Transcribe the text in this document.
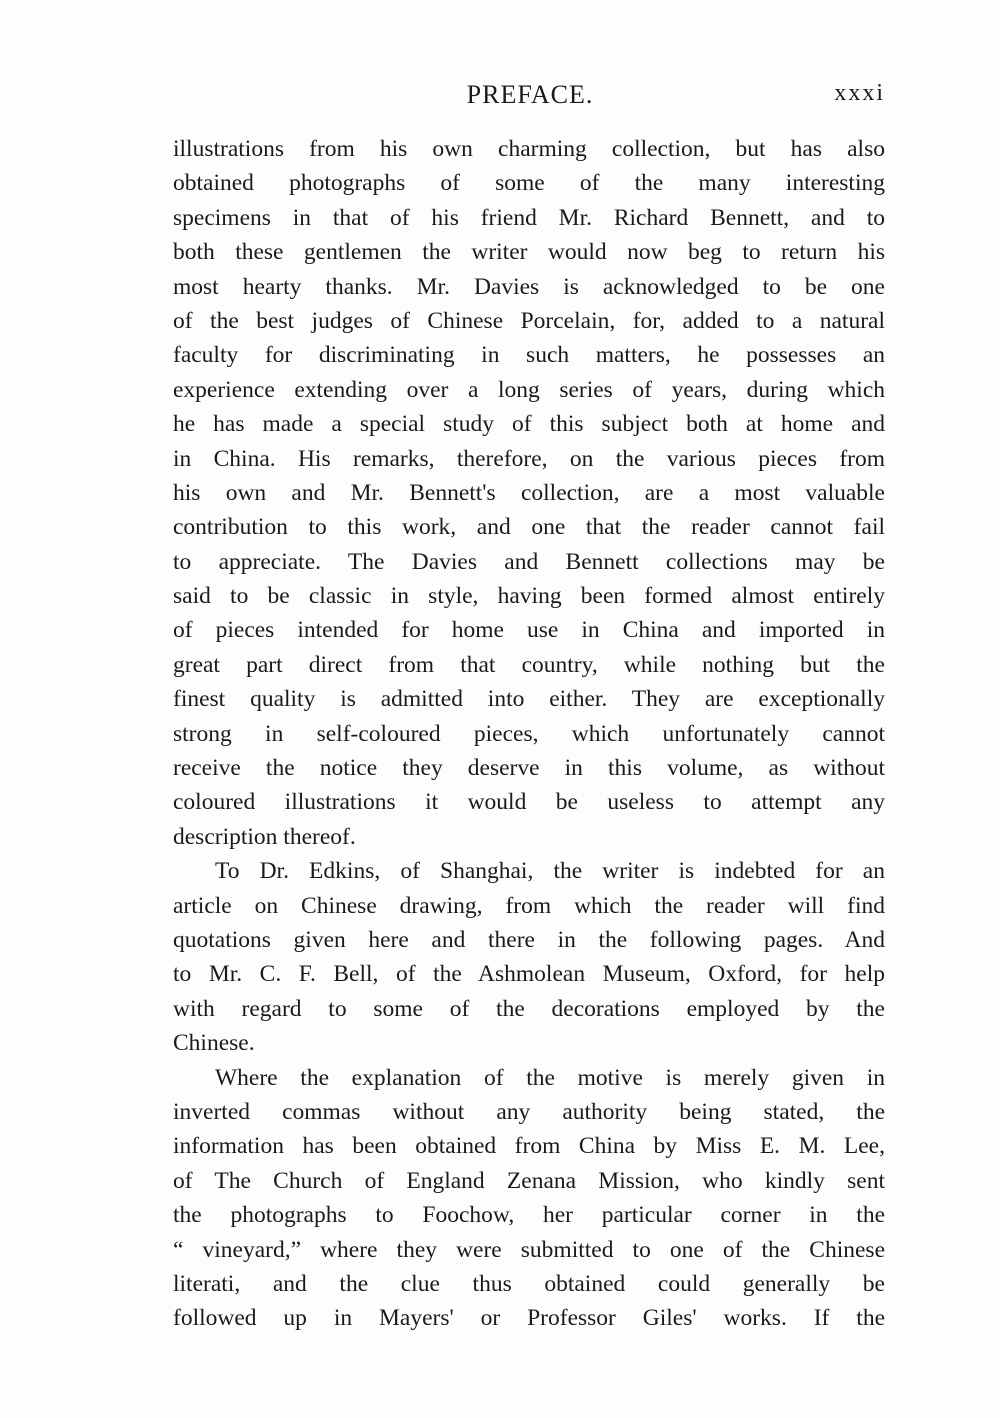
PREFACE.	xxxi
illustrations from his own charming collection, but has also
obtained photographs of some of the many interesting
specimens in that of his friend Mr. Richard Bennett, and to
both these gentlemen the writer would now beg to return his
most hearty thanks. Mr. Davies is acknowledged to be one
of the best judges of Chinese Porcelain, for, added to a natural
faculty for discriminating in such matters, he possesses an
experience extending over a long series of years, during which
he has made a special study of this subject both at home and
in China. His remarks, therefore, on the various pieces from
his own and Mr. Bennett's collection, are a most valuable
contribution to this work, and one that the reader cannot fail
to appreciate. The Davies and Bennett collections may be
said to be classic in style, having been formed almost entirely
of pieces intended for home use in China and imported in
great part direct from that country, while nothing but the
finest quality is admitted into either. They are exceptionally
strong in self-coloured pieces, which unfortunately cannot
receive the notice they deserve in this volume, as without
coloured illustrations it would be useless to attempt any
description thereof.
To Dr. Edkins, of Shanghai, the writer is indebted for an
article on Chinese drawing, from which the reader will find
quotations given here and there in the following pages. And
to Mr. C. F. Bell, of the Ashmolean Museum, Oxford, for help
with regard to some of the decorations employed by the
Chinese.
Where the explanation of the motive is merely given in
inverted commas without any authority being stated, the
information has been obtained from China by Miss E. M. Lee,
of The Church of England Zenana Mission, who kindly sent
the photographs to Foochow, her particular corner in the
“ vineyard,” where they were submitted to one of the Chinese
literati, and the clue thus obtained could generally be
followed up in Mayers' or Professor Giles' works. If the
